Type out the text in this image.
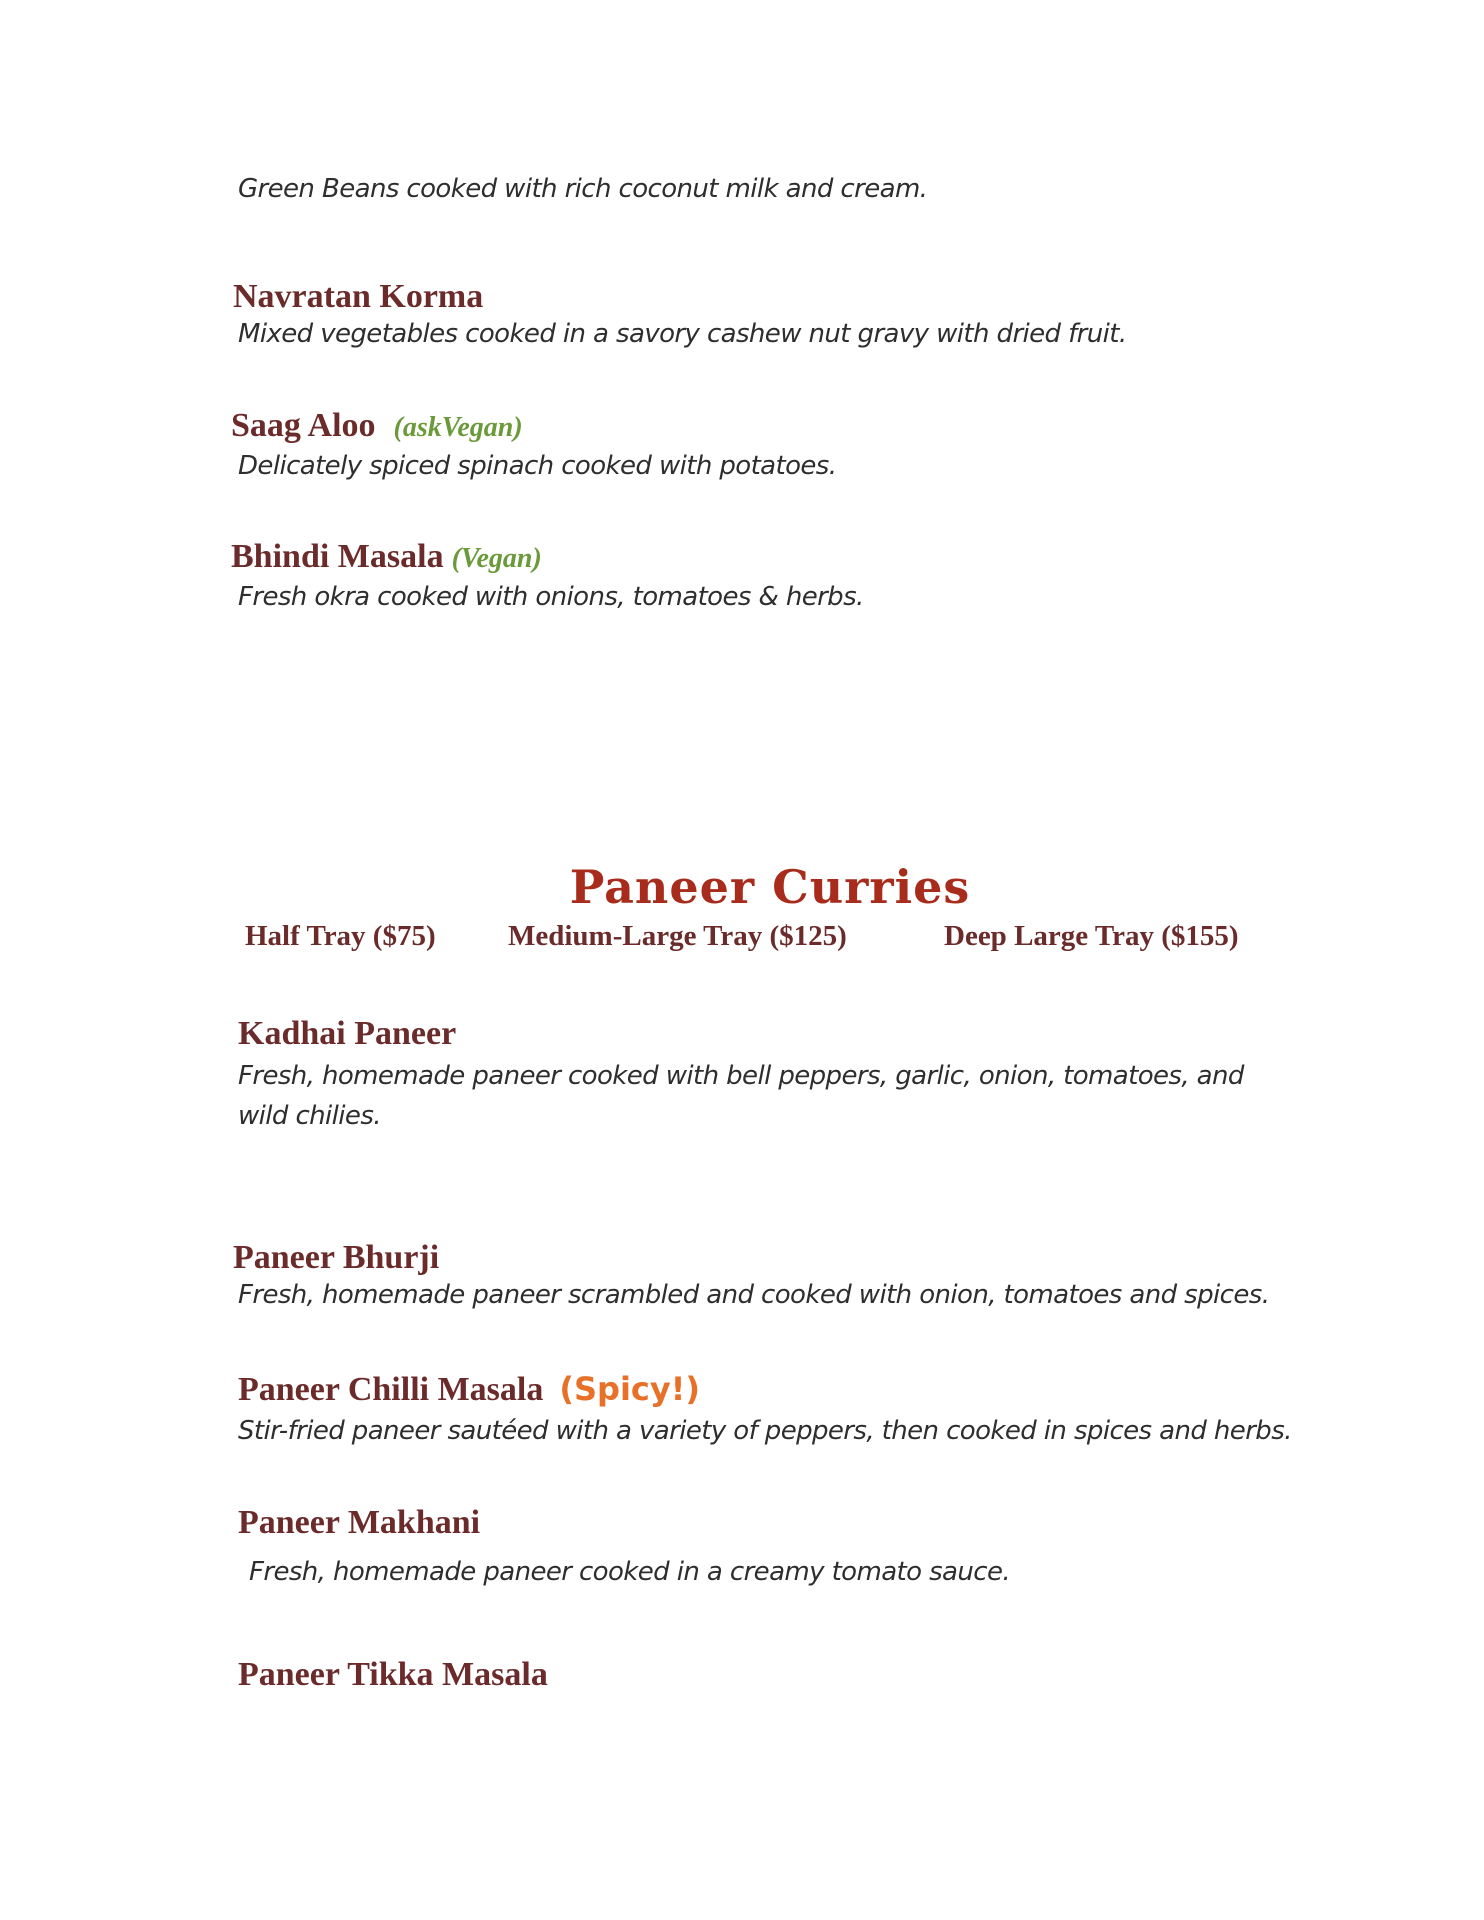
Green Beans cooked with rich coconut milk and cream.
Navratan Korma
Mixed vegetables cooked in a savory cashew nut gravy with dried fruit.
Saag Aloo (askVegan)
Delicately spiced spinach cooked with potatoes.
Bhindi Masala (Vegan)
Fresh okra cooked with onions, tomatoes & herbs.
Paneer Curries
Half Tray ($75) Medium-Large Tray ($125)	Deep Large Tray ($155)
Kadhai Paneer
Fresh, homemade paneer cooked with bell peppers, garlic, onion, tomatoes, and wild chilies.
Paneer Bhurji
Fresh, homemade paneer scrambled and cooked with onion, tomatoes and spices.
Paneer Chilli Masala (Spicy!)
Stir-fried paneer sautéed with a variety of peppers, then cooked in spices and herbs.
Paneer Makhani
Fresh, homemade paneer cooked in a creamy tomato sauce.
Paneer Tikka Masala
